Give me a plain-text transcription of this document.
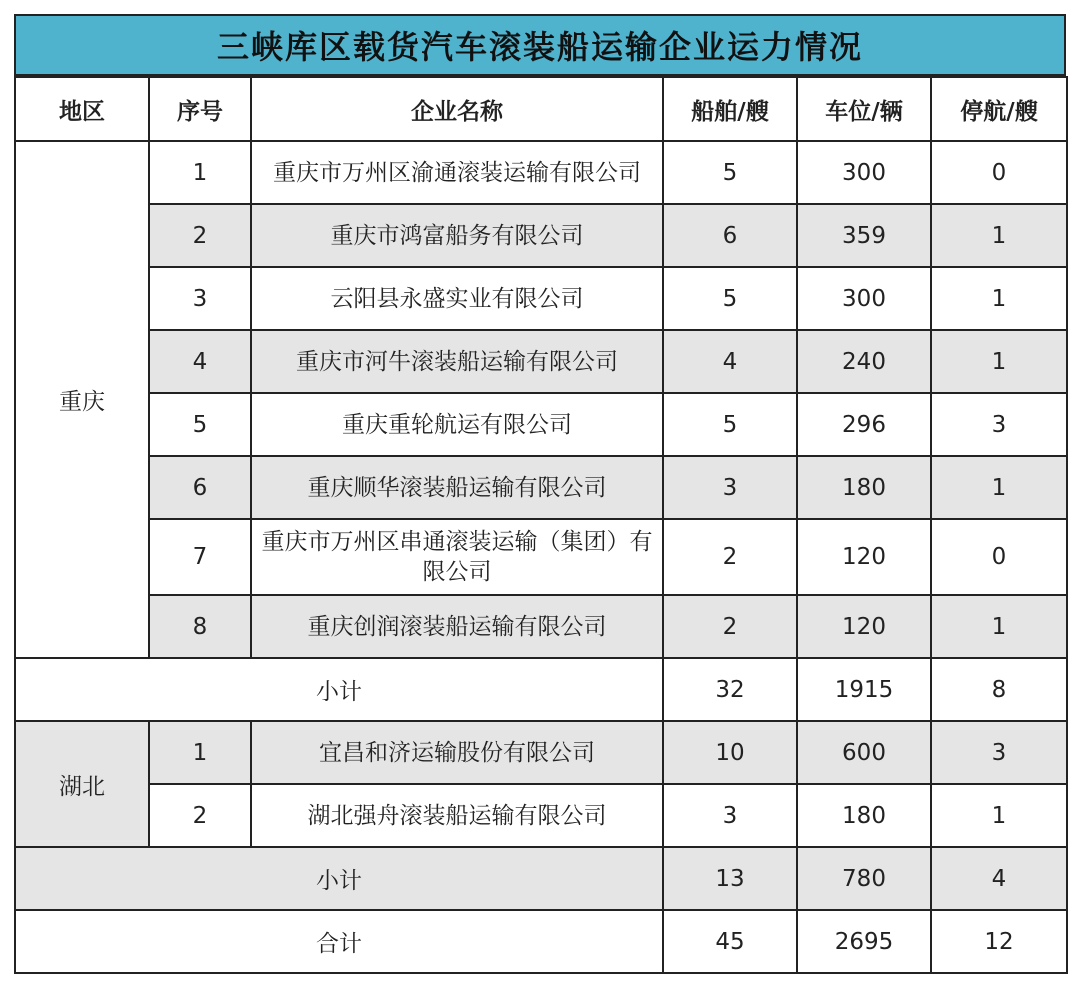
三峡库区载货汽车滚装船运输企业运力情况
地区	序号	企业名称	船舶/艘	车位/辆	停航/艘
重庆	1	重庆市万州区渝通滚装运输有限公司	5	300	0
	2	重庆市鸿富船务有限公司	6	359	1
	3	云阳县永盛实业有限公司	5	300	1
	4	重庆市河牛滚装船运输有限公司	4	240	1
	5	重庆重轮航运有限公司	5	296	3
	6	重庆顺华滚装船运输有限公司	3	180	1
	7	重庆市万州区串通滚装运输（集团）有限公司	2	120	0
	8	重庆创润滚装船运输有限公司	2	120	1
小计			32	1915	8
湖北	1	宜昌和济运输股份有限公司	10	600	3
	2	湖北强舟滚装船运输有限公司	3	180	1
小计			13	780	4
合计			45	2695	12
